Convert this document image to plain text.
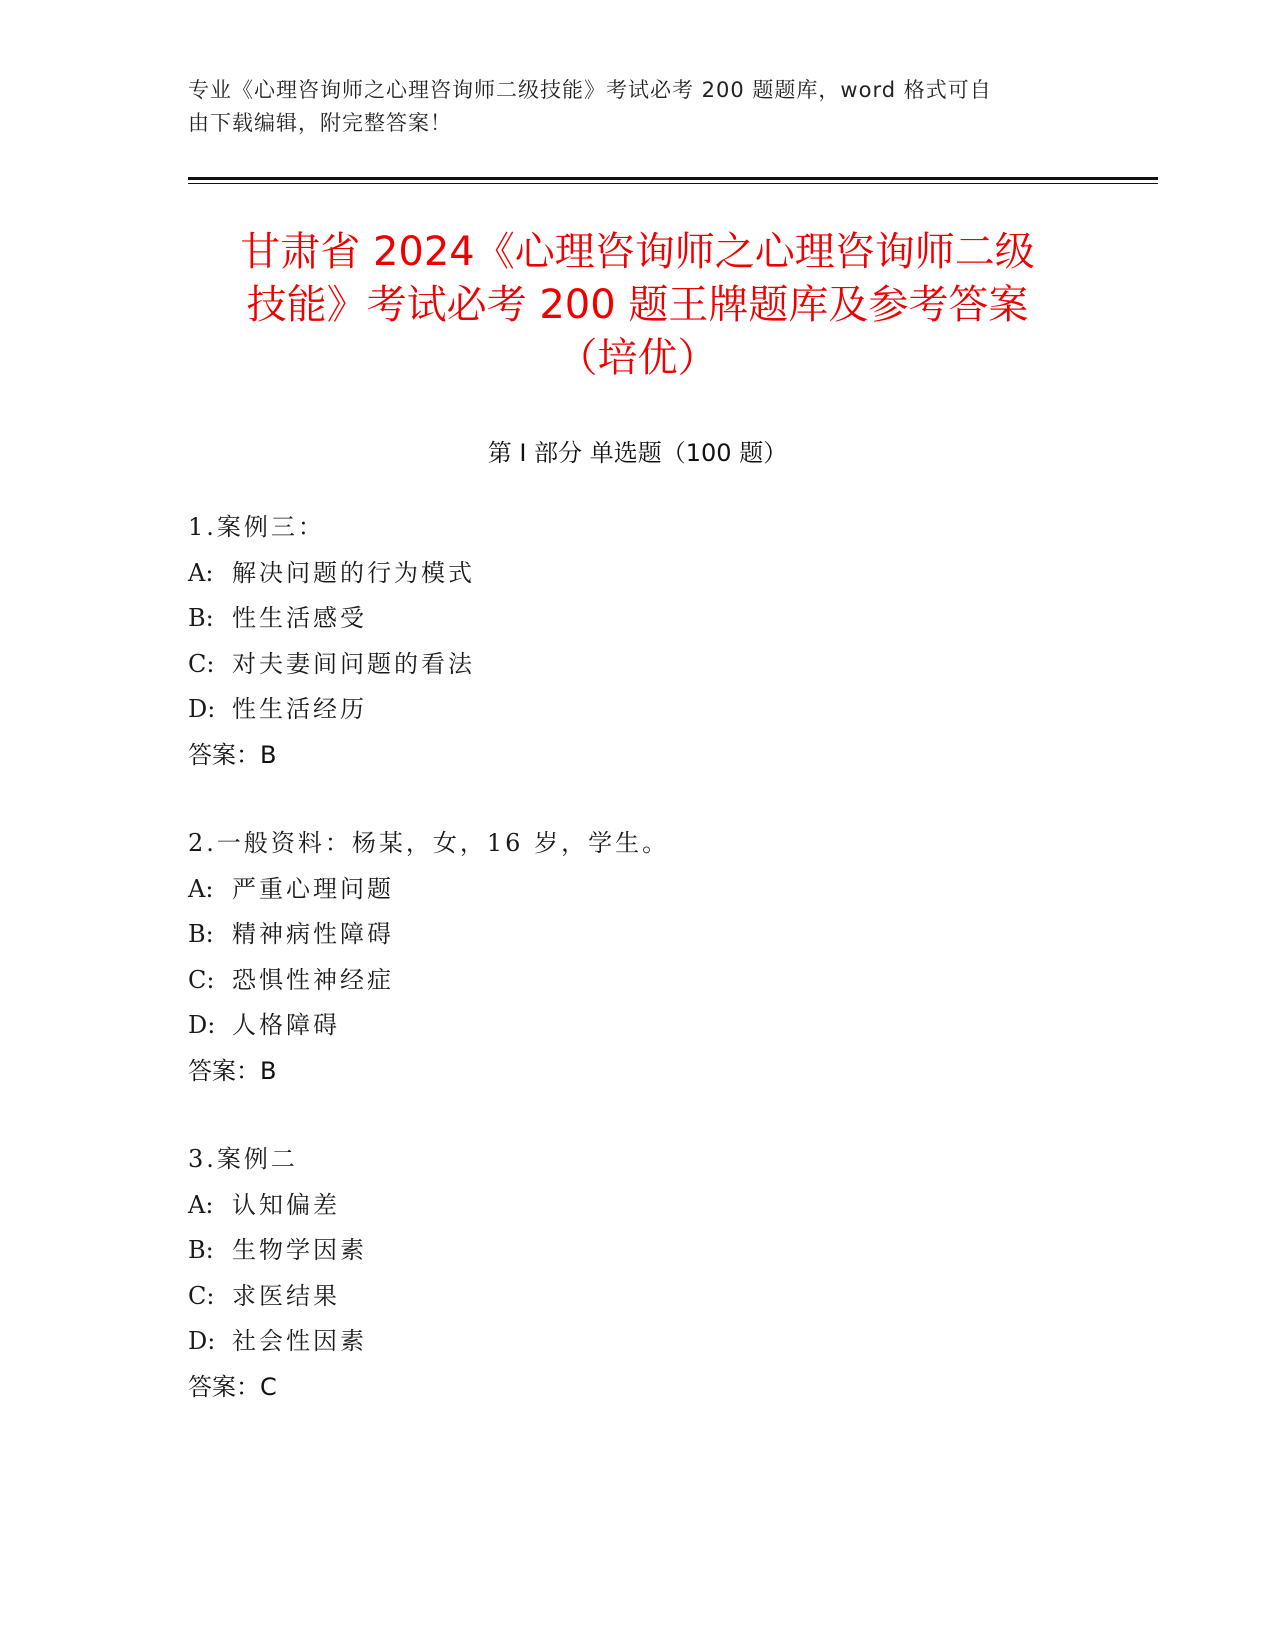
专业《心理咨询师之心理咨询师二级技能》考试必考 200 题题库，word 格式可自
由下载编辑，附完整答案！
甘肃省 2024《心理咨询师之心理咨询师二级
技能》考试必考 200 题王牌题库及参考答案
（培优）
第 I 部分 单选题（100 题）
1.案例三：
A: 解决问题的行为模式
B: 性生活感受
C: 对夫妻间问题的看法
D: 性生活经历
答案：B
2.一般资料：杨某，女，16 岁，学生。
A: 严重心理问题
B: 精神病性障碍
C: 恐惧性神经症
D: 人格障碍
答案：B
3.案例二
A: 认知偏差
B: 生物学因素
C: 求医结果
D: 社会性因素
答案：C
